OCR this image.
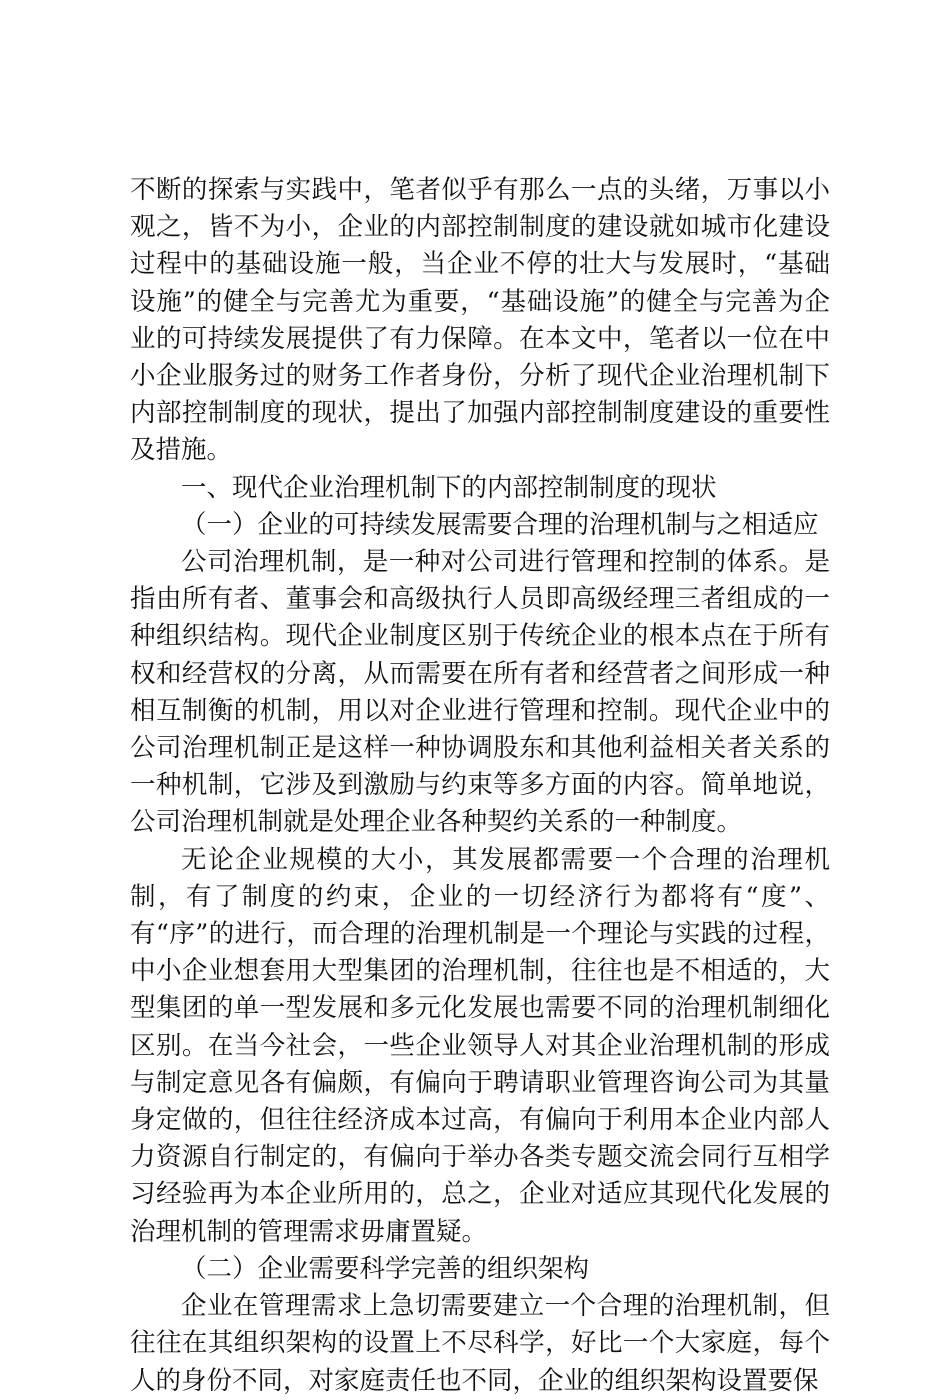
不断的探索与实践中，笔者似乎有那么一点的头绪，万事以小观之，皆不为小，企业的内部控制制度的建设就如城市化建设过程中的基础设施一般，当企业不停的壮大与发展时，“基础设施”的健全与完善尤为重要，“基础设施”的健全与完善为企业的可持续发展提供了有力保障。在本文中，笔者以一位在中小企业服务过的财务工作者身份，分析了现代企业治理机制下内部控制制度的现状，提出了加强内部控制制度建设的重要性及措施。

一、现代企业治理机制下的内部控制制度的现状

（一）企业的可持续发展需要合理的治理机制与之相适应

公司治理机制，是一种对公司进行管理和控制的体系。是指由所有者、董事会和高级执行人员即高级经理三者组成的一种组织结构。现代企业制度区别于传统企业的根本点在于所有权和经营权的分离，从而需要在所有者和经营者之间形成一种相互制衡的机制，用以对企业进行管理和控制。现代企业中的公司治理机制正是这样一种协调股东和其他利益相关者关系的一种机制，它涉及到激励与约束等多方面的内容。简单地说，公司治理机制就是处理企业各种契约关系的一种制度。

无论企业规模的大小，其发展都需要一个合理的治理机制，有了制度的约束，企业的一切经济行为都将有“度”、有“序”的进行，而合理的治理机制是一个理论与实践的过程，中小企业想套用大型集团的治理机制，往往也是不相适的，大型集团的单一型发展和多元化发展也需要不同的治理机制细化区别。在当今社会，一些企业领导人对其企业治理机制的形成与制定意见各有偏颇，有偏向于聘请职业管理咨询公司为其量身定做的，但往往经济成本过高，有偏向于利用本企业内部人力资源自行制定的，有偏向于举办各类专题交流会同行互相学习经验再为本企业所用的，总之，企业对适应其现代化发展的治理机制的管理需求毋庸置疑。

（二）企业需要科学完善的组织架构

企业在管理需求上急切需要建立一个合理的治理机制，但往往在其组织架构的设置上不尽科学，好比一个大家庭，每个人的身份不同，对家庭责任也不同，企业的组织架构设置要保
